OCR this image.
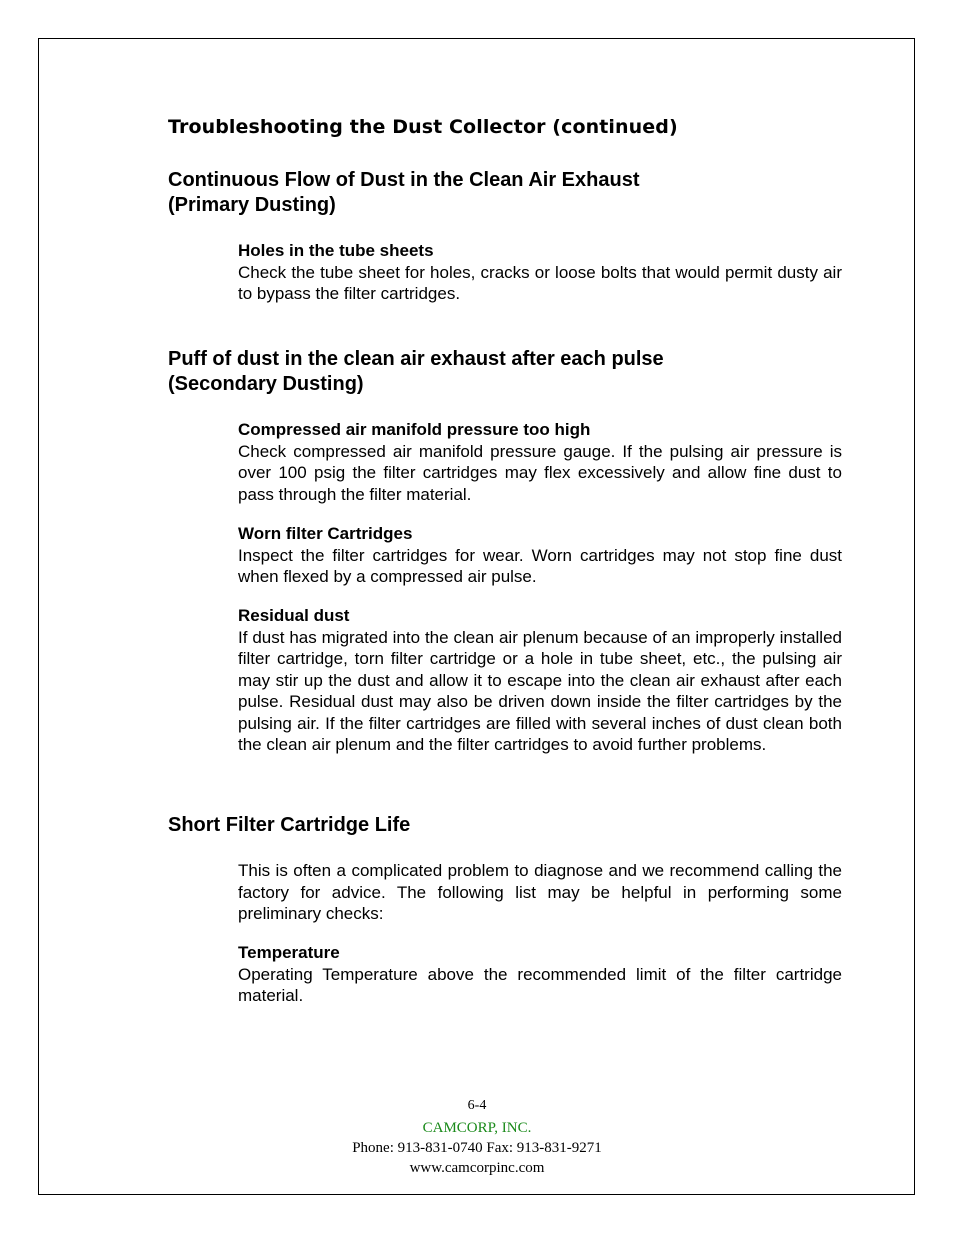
Troubleshooting the Dust Collector (continued)
Continuous Flow of Dust in the Clean Air Exhaust
(Primary Dusting)

Holes in the tube sheets

Check the tube sheet for holes, cracks or loose bolts that would permit dusty air to bypass the filter cartridges.

Puff of dust in the clean air exhaust after each pulse
(Secondary Dusting)

Compressed air manifold pressure too high

Check compressed air manifold pressure gauge. If the pulsing air pressure is over 100 psig the filter cartridges may flex excessively and allow fine dust to pass through the filter material.

Worn filter Cartridges

Inspect the filter cartridges for wear. Worn cartridges may not stop fine dust when flexed by a compressed air pulse.

Residual dust

If dust has migrated into the clean air plenum because of an improperly installed filter cartridge, torn filter cartridge or a hole in tube sheet, etc., the pulsing air may stir up the dust and allow it to escape into the clean air exhaust after each pulse. Residual dust may also be driven down inside the filter cartridges by the pulsing air. If the filter cartridges are filled with several inches of dust clean both the clean air plenum and the filter cartridges to avoid further problems.

Short Filter Cartridge Life

This is often a complicated problem to diagnose and we recommend calling the factory for advice. The following list may be helpful in performing some preliminary checks:

Temperature

Operating Temperature above the recommended limit of the filter cartridge material.

6-4
CAMCORP, INC.
Phone: 913-831-0740 Fax: 913-831-9271
www.camcorpinc.com
